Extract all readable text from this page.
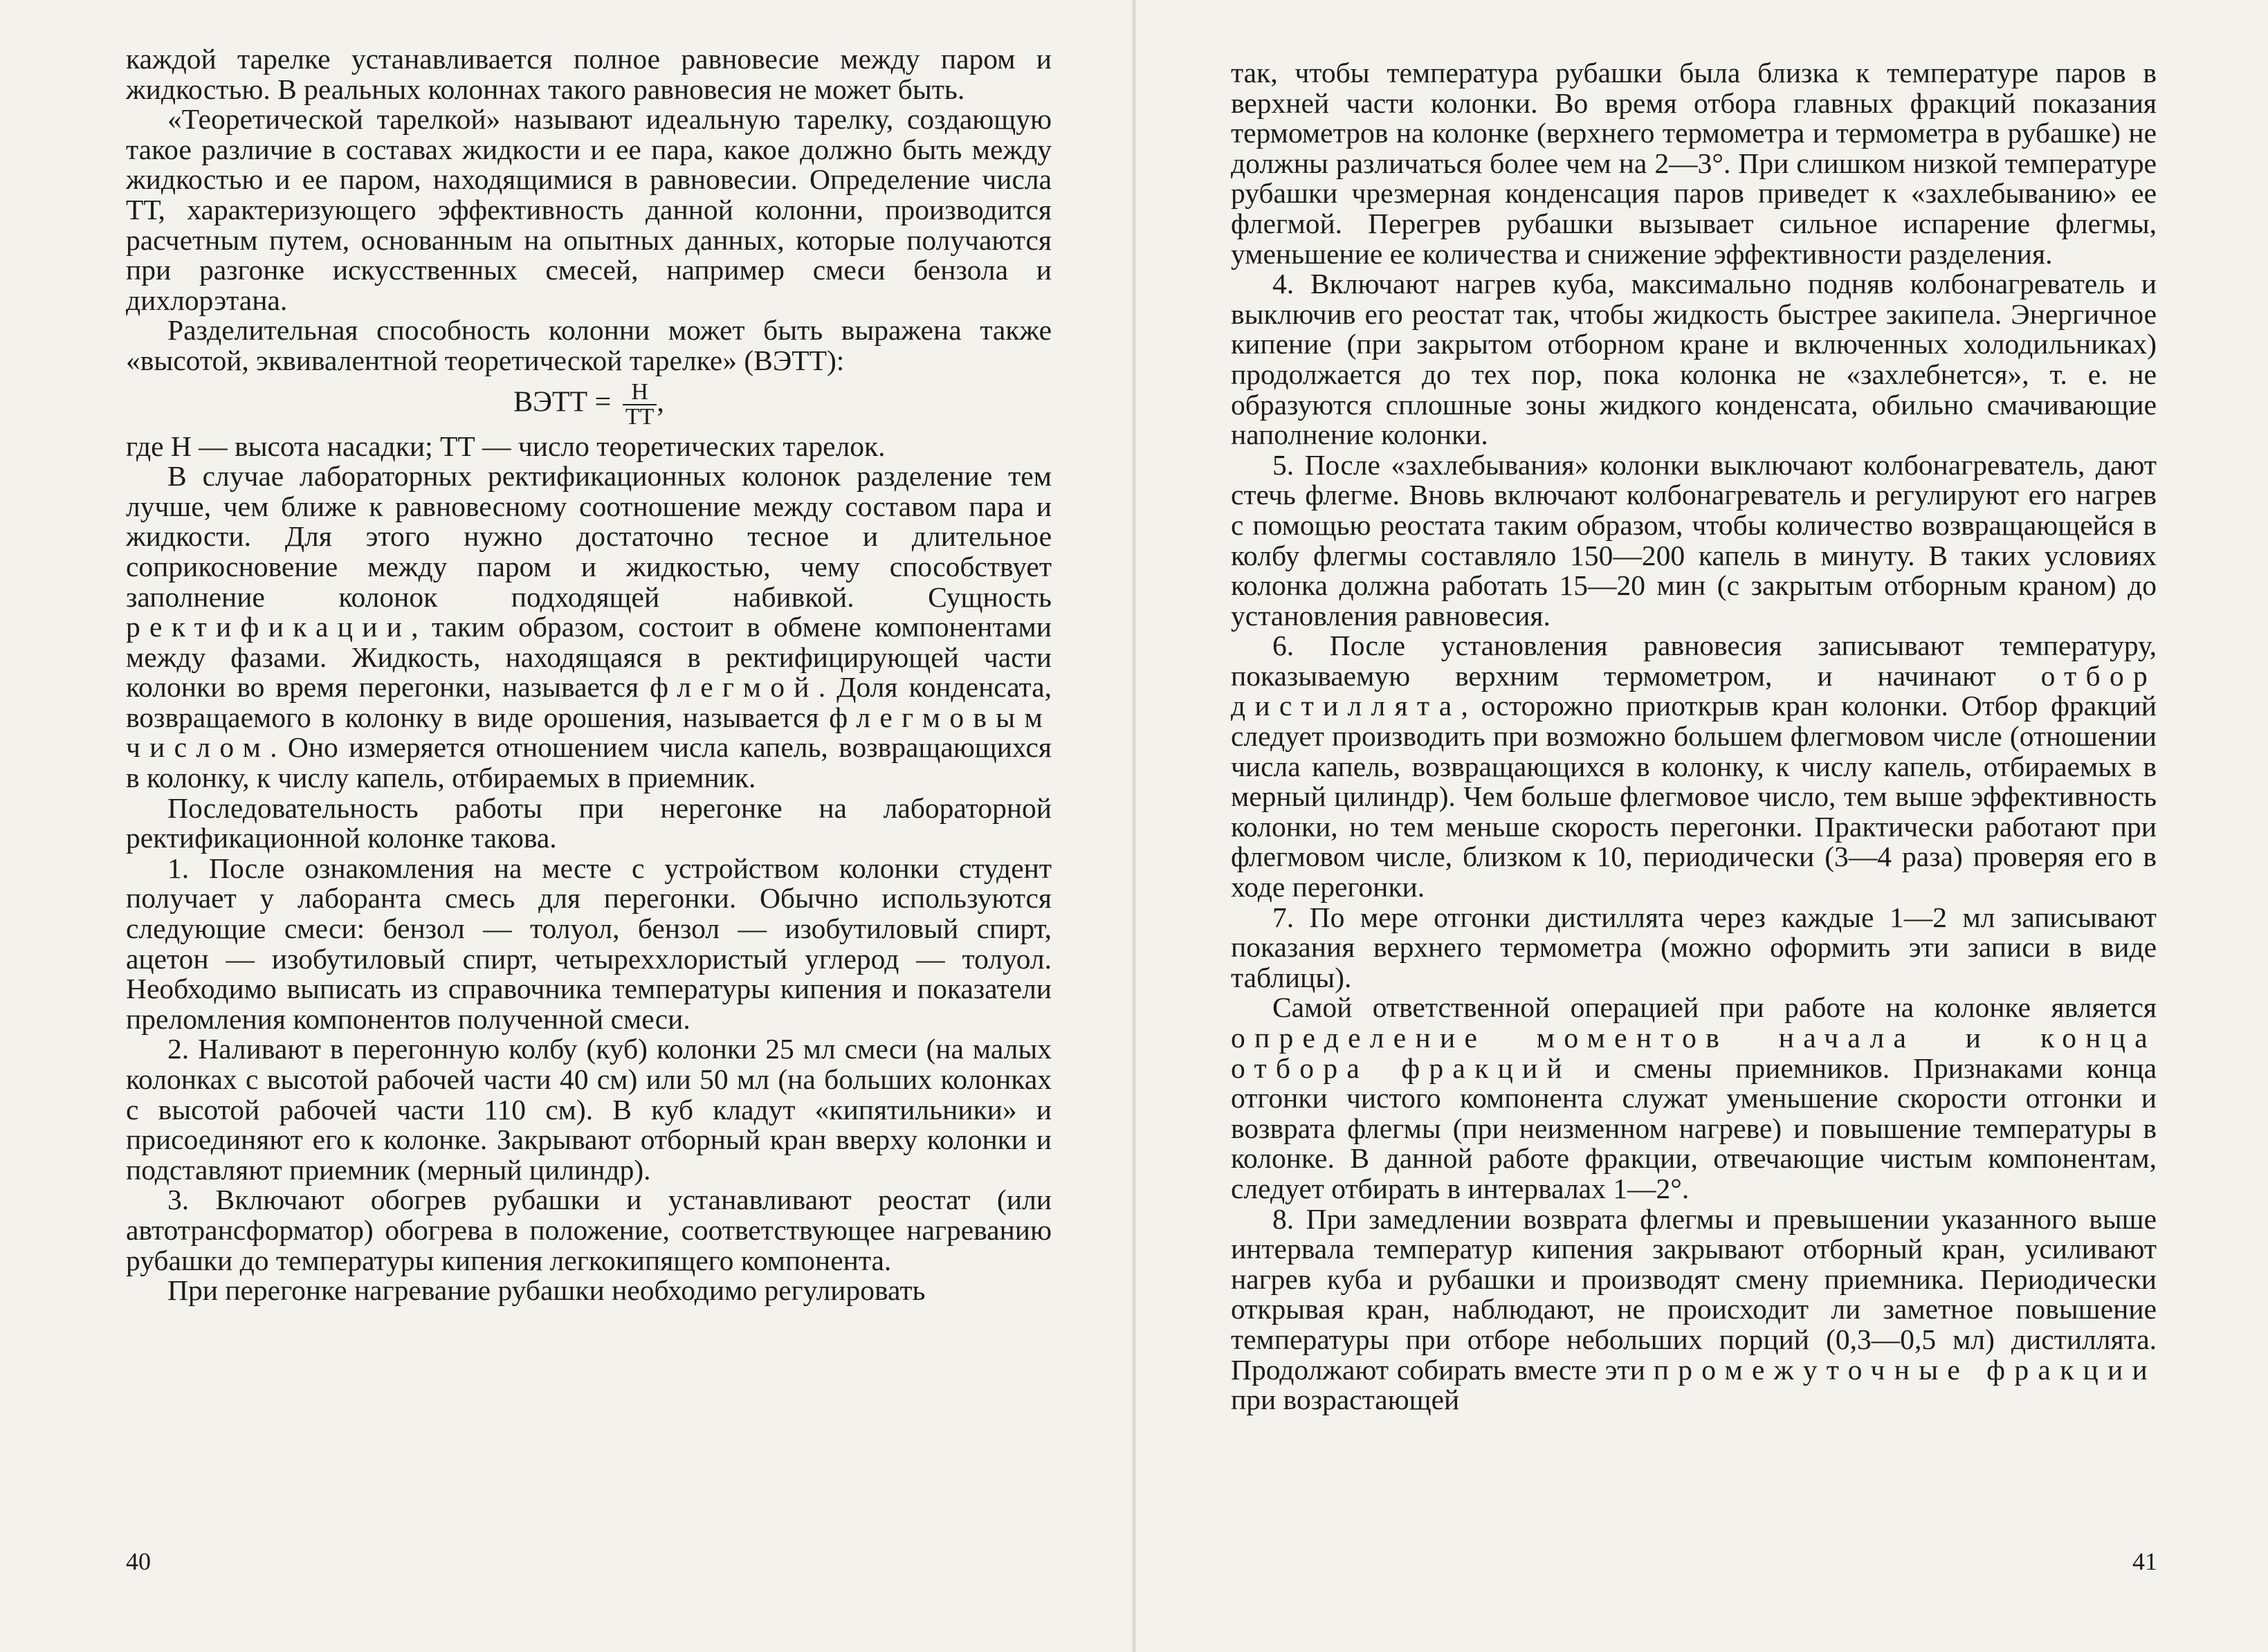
каждой тарелке устанавливается полное равновесие между паром и жидкостью. В реальных колоннах такого равновесия не может быть.

«Теоретической тарелкой» называют идеальную тарелку, создающую такое различие в составах жидкости и ее пара, какое должно быть между жидкостью и ее паром, находящимися в равновесии. Определение числа ТТ, характеризующего эффективность данной колонни, производится расчетным путем, основанным на опытных данных, которые получаются при разгонке искусственных смесей, например смеси бензола и дихлорэтана.

Разделительная способность колонни может быть выражена также «высотой, эквивалентной теоретической тарелке» (ВЭТТ):

ВЭТТ = $\frac{Н}{ТТ}$ ,

где Н — высота насадки; ТТ — число теоретических тарелок.

В случае лабораторных ректификационных колонок разделение тем лучше, чем ближе к равновесному соотношение между составом пара и жидкости. Для этого нужно достаточно тесное и длительное соприкосновение между паром и жидкостью, чему способствует заполнение колонок подходящей набивкой. Сущность ректификации, таким образом, состоит в обмене компонентами между фазами. Жидкость, находящаяся в ректифицирующей части колонки во время перегонки, называется флегмой. Доля конденсата, возвращаемого в колонку в виде орошения, называется флегмовым числом. Оно измеряется отношением числа капель, возвращающихся в колонку, к числу капель, отбираемых в приемник.

Последовательность работы при нерегонке на лабораторной ректификационной колонке такова.

1. После ознакомления на месте с устройством колонки студент получает у лаборанта смесь для перегонки. Обычно используются следующие смеси: бензол — толуол, бензол — изобутиловый спирт, ацетон — изобутиловый спирт, четыреххлористый углерод — толуол. Необходимо выписать из справочника температуры кипения и показатели преломления компонентов полученной смеси.

2. Наливают в перегонную колбу (куб) колонки 25 мл смеси (на малых колонках с высотой рабочей части 40 см) или 50 мл (на больших колонках с высотой рабочей части 110 см). В куб кладут «кипятильники» и присоединяют его к колонке. Закрывают отборный кран вверху колонки и подставляют приемник (мерный цилиндр).

3. Включают обогрев рубашки и устанавливают реостат (или автотрансформатор) обогрева в положение, соответствующее нагреванию рубашки до температуры кипения легкокипящего компонента.

При перегонке нагревание рубашки необходимо регулировать

40

так, чтобы температура рубашки была близка к температуре паров в верхней части колонки. Во время отбора главных фракций показания термометров на колонке (верхнего термометра и термометра в рубашке) не должны различаться более чем на 2—3°. При слишком низкой температуре рубашки чрезмерная конденсация паров приведет к «захлебыванию» ее флегмой. Перегрев рубашки вызывает сильное испарение флегмы, уменьшение ее количества и снижение эффективности разделения.

4. Включают нагрев куба, максимально подняв колбонагреватель и выключив его реостат так, чтобы жидкость быстрее закипела. Энергичное кипение (при закрытом отборном кране и включенных холодильниках) продолжается до тех пор, пока колонка не «захлебнется», т. е. не образуются сплошные зоны жидкого конденсата, обильно смачивающие наполнение колонки.

5. После «захлебывания» колонки выключают колбонагреватель, дают стечь флегме. Вновь включают колбонагреватель и регулируют его нагрев с помощью реостата таким образом, чтобы количество возвращающейся в колбу флегмы составляло 150—200 капель в минуту. В таких условиях колонка должна работать 15—20 мин (с закрытым отборным краном) до установления равновесия.

6. После установления равновесия записывают температуру, показываемую верхним термометром, и начинают отбор дистиллята, осторожно приоткрыв кран колонки. Отбор фракций следует производить при возможно большем флегмовом числе (отношении числа капель, возвращающихся в колонку, к числу капель, отбираемых в мерный цилиндр). Чем больше флегмовое число, тем выше эффективность колонки, но тем меньше скорость перегонки. Практически работают при флегмовом числе, близком к 10, периодически (3—4 раза) проверяя его в ходе перегонки.

7. По мере отгонки дистиллята через каждые 1—2 мл записывают показания верхнего термометра (можно оформить эти записи в виде таблицы).

Самой ответственной операцией при работе на колонке является определение моментов начала и конца отбора фракций и смены приемников. Признаками конца отгонки чистого компонента служат уменьшение скорости отгонки и возврата флегмы (при неизменном нагреве) и повышение температуры в колонке. В данной работе фракции, отвечающие чистым компонентам, следует отбирать в интервалах 1—2°.

8. При замедлении возврата флегмы и превышении указанного выше интервала температур кипения закрывают отборный кран, усиливают нагрев куба и рубашки и производят смену приемника. Периодически открывая кран, наблюдают, не происходит ли заметное повышение температуры при отборе небольших порций (0,3—0,5 мл) дистиллята. Продолжают собирать вместе эти промежуточные фракции при возрастающей

41
